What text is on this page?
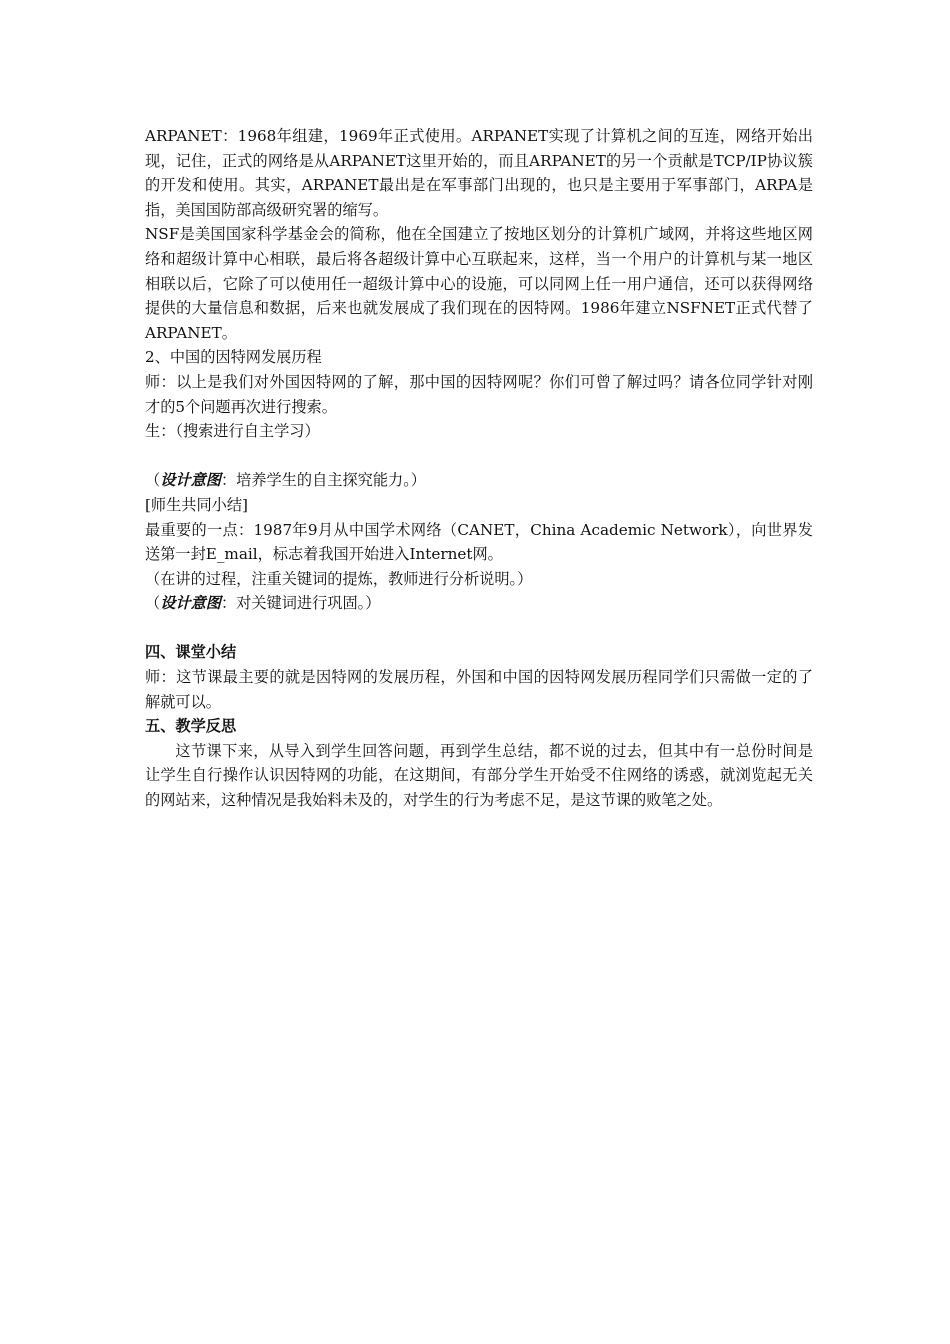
ARPANET：1968年组建，1969年正式使用。ARPANET实现了计算机之间的互连，网络开始出现，记住，正式的网络是从ARPANET这里开始的，而且ARPANET的另一个贡献是TCP/IP协议簇的开发和使用。其实，ARPANET最出是在军事部门出现的，也只是主要用于军事部门，ARPA是指，美国国防部高级研究署的缩写。

NSF是美国国家科学基金会的简称，他在全国建立了按地区划分的计算机广域网，并将这些地区网络和超级计算中心相联，最后将各超级计算中心互联起来，这样，当一个用户的计算机与某一地区相联以后，它除了可以使用任一超级计算中心的设施，可以同网上任一用户通信，还可以获得网络提供的大量信息和数据，后来也就发展成了我们现在的因特网。1986年建立NSFNET正式代替了ARPANET。

2、中国的因特网发展历程

师：以上是我们对外国因特网的了解，那中国的因特网呢？你们可曾了解过吗？请各位同学针对刚才的5个问题再次进行搜索。

生：（搜索进行自主学习）

（设计意图：培养学生的自主探究能力。）

[师生共同小结]

最重要的一点：1987年9月从中国学术网络（CANET，China Academic Network），向世界发送第一封E_mail，标志着我国开始进入Internet网。

（在讲的过程，注重关键词的提炼，教师进行分析说明。）

（设计意图：对关键词进行巩固。）

四、课堂小结

师：这节课最主要的就是因特网的发展历程，外国和中国的因特网发展历程同学们只需做一定的了解就可以。

五、教学反思

这节课下来，从导入到学生回答问题，再到学生总结，都不说的过去，但其中有一总份时间是让学生自行操作认识因特网的功能，在这期间，有部分学生开始受不住网络的诱惑，就浏览起无关的网站来，这种情况是我始料未及的，对学生的行为考虑不足，是这节课的败笔之处。
